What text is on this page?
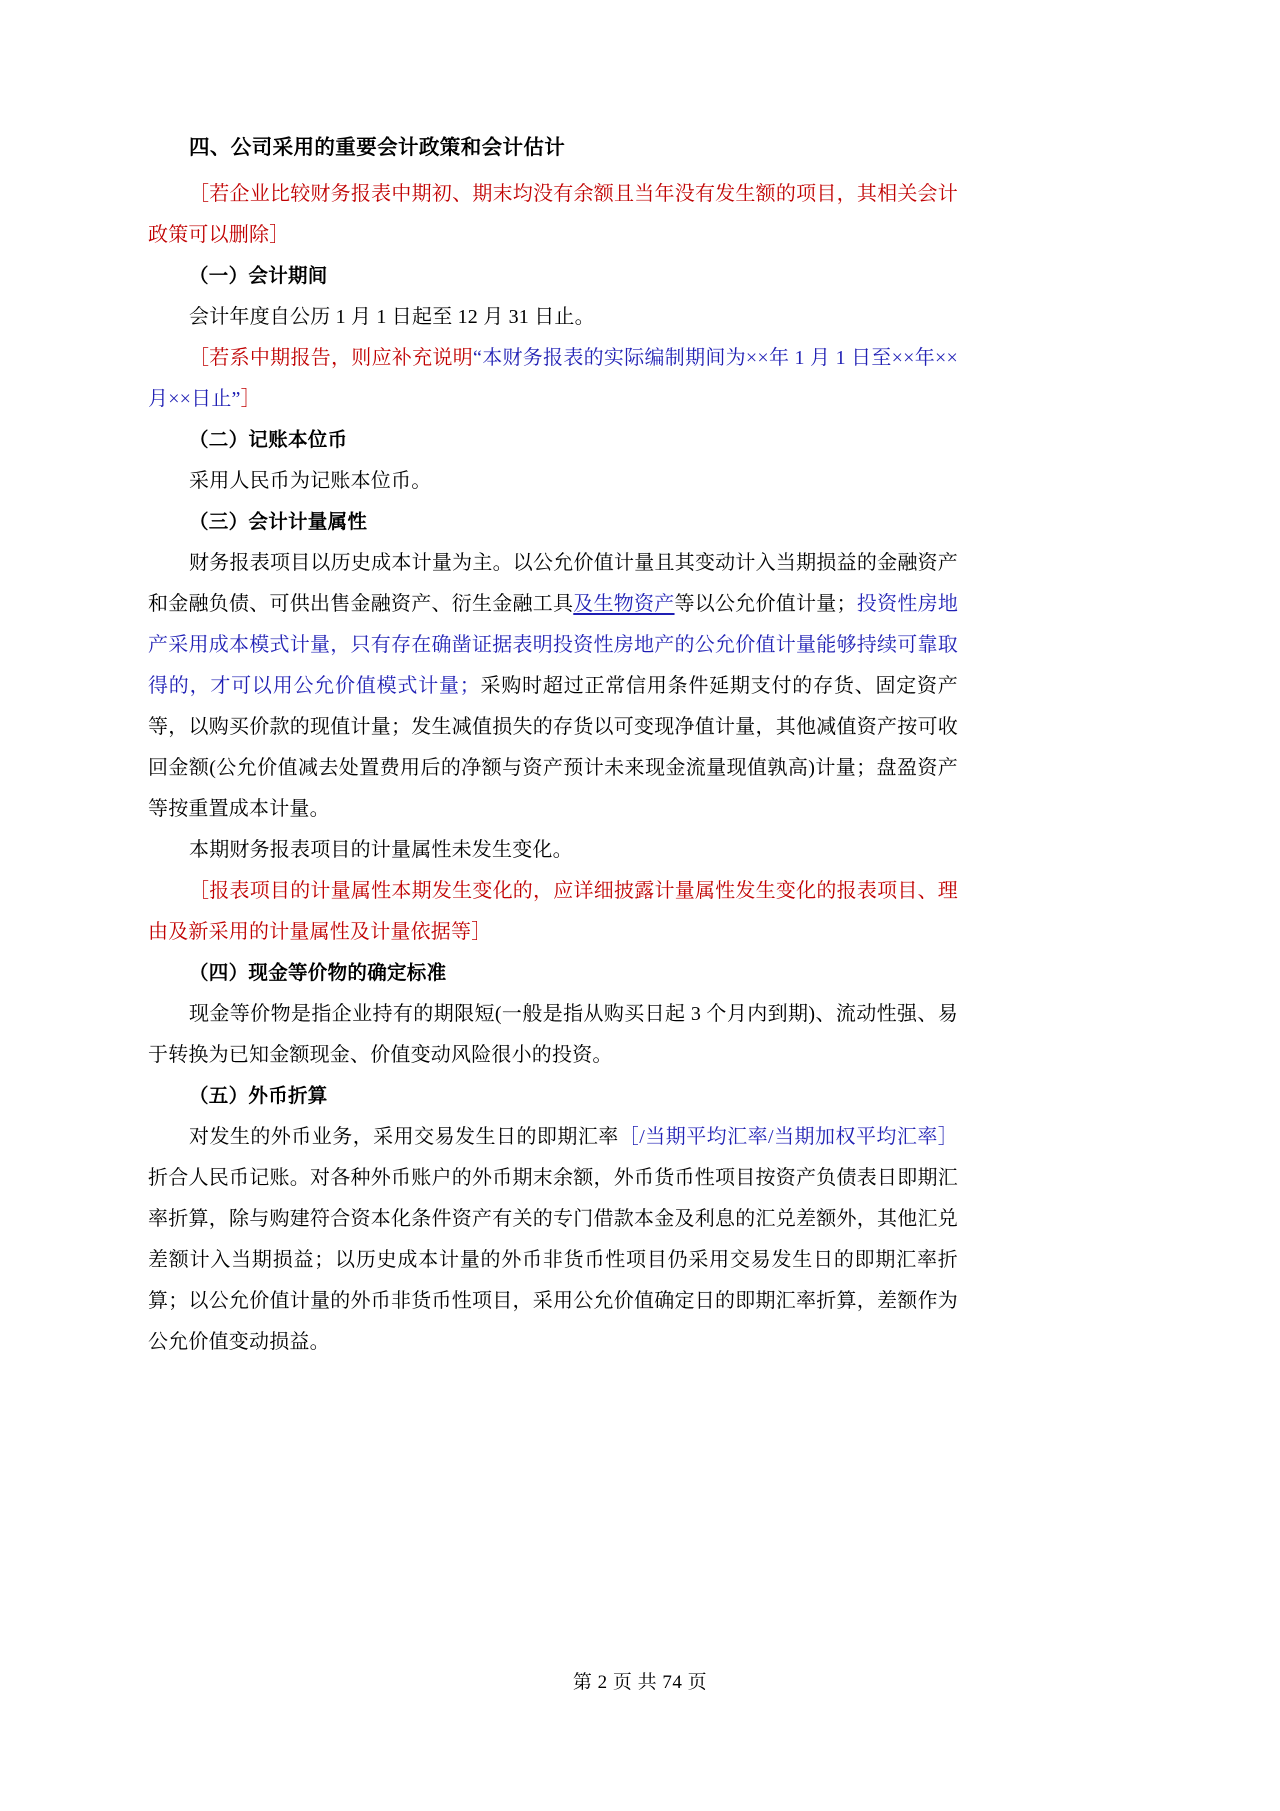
四、公司采用的重要会计政策和会计估计

［若企业比较财务报表中期初、期末均没有余额且当年没有发生额的项目，其相关会计政策可以删除］

（一）会计期间

会计年度自公历 1 月 1 日起至 12 月 31 日止。

［若系中期报告，则应补充说明“本财务报表的实际编制期间为××年 1 月 1 日至××年××月××日止”］

（二）记账本位币

采用人民币为记账本位币。

（三）会计计量属性

财务报表项目以历史成本计量为主。以公允价值计量且其变动计入当期损益的金融资产和金融负债、可供出售金融资产、衍生金融工具及生物资产等以公允价值计量；投资性房地产采用成本模式计量，只有存在确凿证据表明投资性房地产的公允价值计量能够持续可靠取得的，才可以用公允价值模式计量；采购时超过正常信用条件延期支付的存货、固定资产等，以购买价款的现值计量；发生减值损失的存货以可变现净值计量，其他减值资产按可收回金额(公允价值减去处置费用后的净额与资产预计未来现金流量现值孰高)计量；盘盈资产等按重置成本计量。

本期财务报表项目的计量属性未发生变化。

［报表项目的计量属性本期发生变化的，应详细披露计量属性发生变化的报表项目、理由及新采用的计量属性及计量依据等］

（四）现金等价物的确定标准

现金等价物是指企业持有的期限短(一般是指从购买日起 3 个月内到期)、流动性强、易于转换为已知金额现金、价值变动风险很小的投资。

（五）外币折算

对发生的外币业务，采用交易发生日的即期汇率［/当期平均汇率/当期加权平均汇率］折合人民币记账。对各种外币账户的外币期末余额，外币货币性项目按资产负债表日即期汇率折算，除与购建符合资本化条件资产有关的专门借款本金及利息的汇兑差额外，其他汇兑差额计入当期损益；以历史成本计量的外币非货币性项目仍采用交易发生日的即期汇率折算；以公允价值计量的外币非货币性项目，采用公允价值确定日的即期汇率折算，差额作为公允价值变动损益。

第 2 页 共 74 页
